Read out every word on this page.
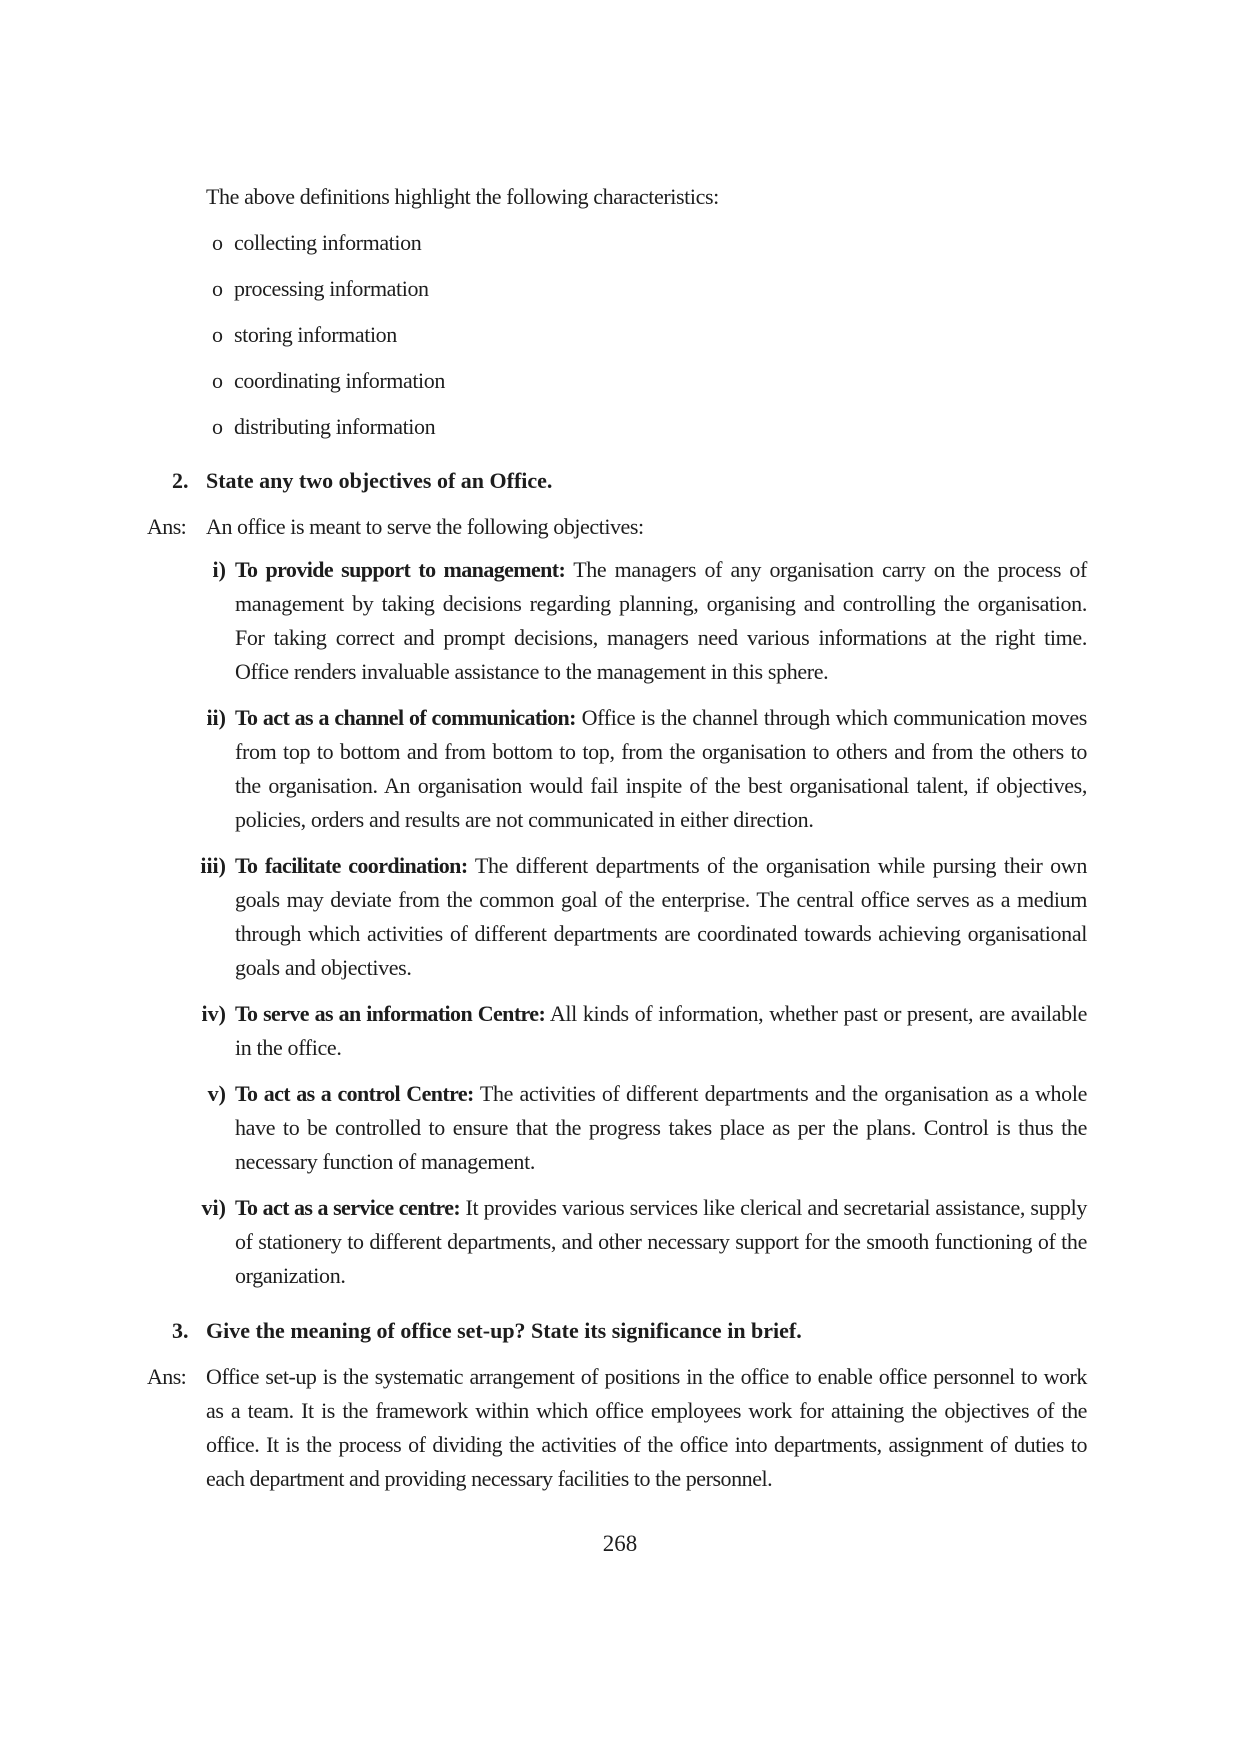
The above definitions highlight the following characteristics:

o collecting information
o processing information
o storing information
o coordinating information
o distributing information
2. State any two objectives of an Office.
Ans: An office is meant to serve the following objectives:
i) To provide support to management: The managers of any organisation carry on the process of management by taking decisions regarding planning, organising and controlling the organisation. For taking correct and prompt decisions, managers need various informations at the right time. Office renders invaluable assistance to the management in this sphere.
ii) To act as a channel of communication: Office is the channel through which communication moves from top to bottom and from bottom to top, from the organisation to others and from the others to the organisation. An organisation would fail inspite of the best organisational talent, if objectives, policies, orders and results are not communicated in either direction.
iii) To facilitate coordination: The different departments of the organisation while pursing their own goals may deviate from the common goal of the enterprise. The central office serves as a medium through which activities of different departments are coordinated towards achieving organisational goals and objectives.
iv) To serve as an information Centre: All kinds of information, whether past or present, are available in the office.
v) To act as a control Centre: The activities of different departments and the organisation as a whole have to be controlled to ensure that the progress takes place as per the plans. Control is thus the necessary function of management.
vi) To act as a service centre: It provides various services like clerical and secretarial assistance, supply of stationery to different departments, and other necessary support for the smooth functioning of the organization.
3. Give the meaning of office set-up? State its significance in brief.
Ans: Office set-up is the systematic arrangement of positions in the office to enable office personnel to work as a team. It is the framework within which office employees work for attaining the objectives of the office. It is the process of dividing the activities of the office into departments, assignment of duties to each department and providing necessary facilities to the personnel.
268
